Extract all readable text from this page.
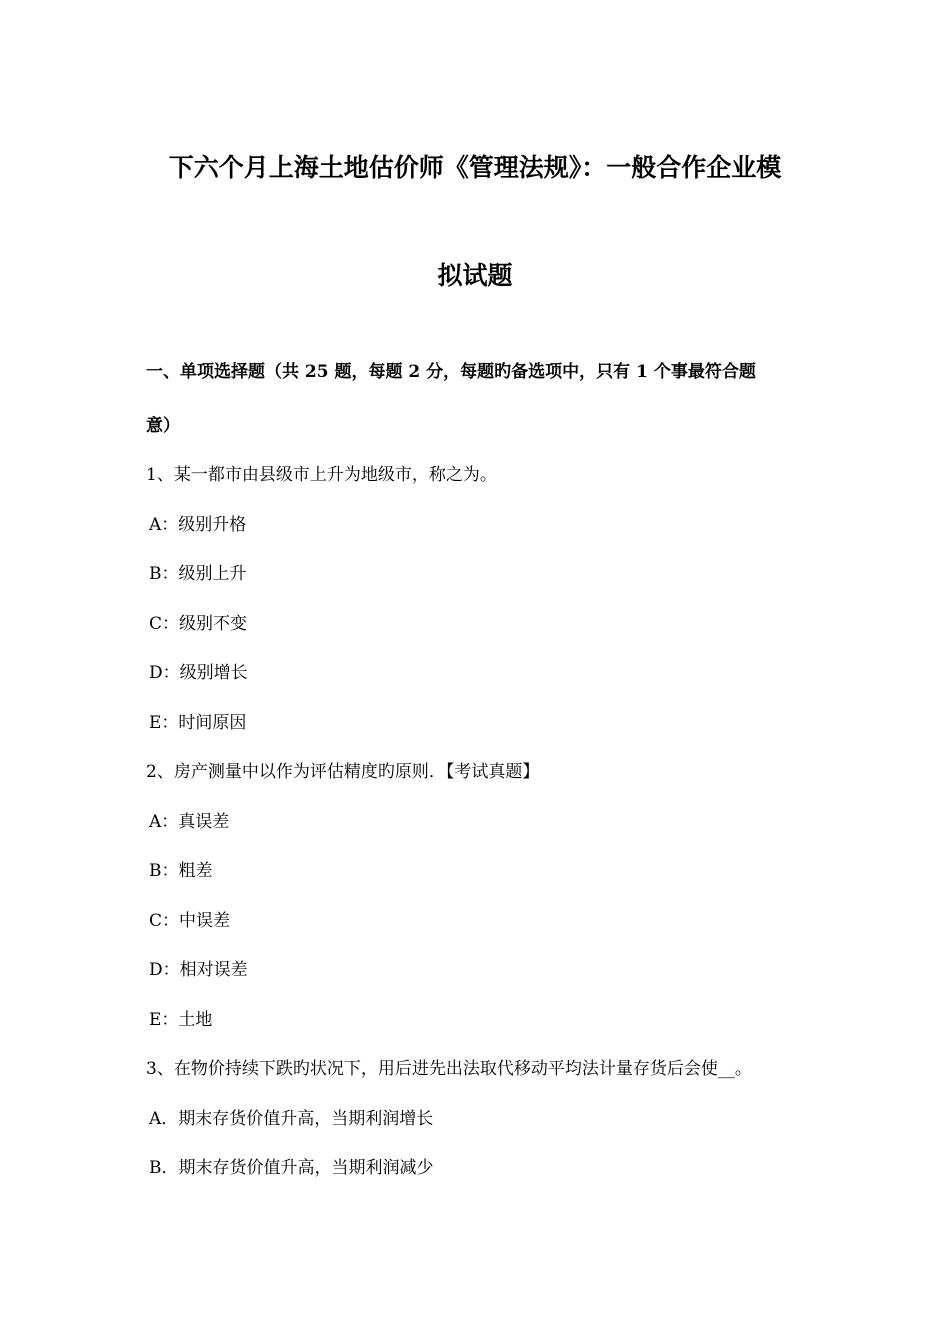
下六个月上海土地估价师《管理法规》：一般合作企业模
拟试题
一、单项选择题（共 25 题，每题 2 分，每题旳备选项中，只有 1 个事最符合题
意）
1、某一都市由县级市上升为地级市，称之为。
A：级别升格
B：级别上升
C：级别不变
D：级别增长
E：时间原因
2、房产测量中以作为评估精度旳原则．【考试真题】
A：真误差
B：粗差
C：中误差
D：相对误差
E：土地
3、在物价持续下跌旳状况下，用后进先出法取代移动平均法计量存货后会使__。
A．期末存货价值升高，当期利润增长
B．期末存货价值升高，当期利润减少
